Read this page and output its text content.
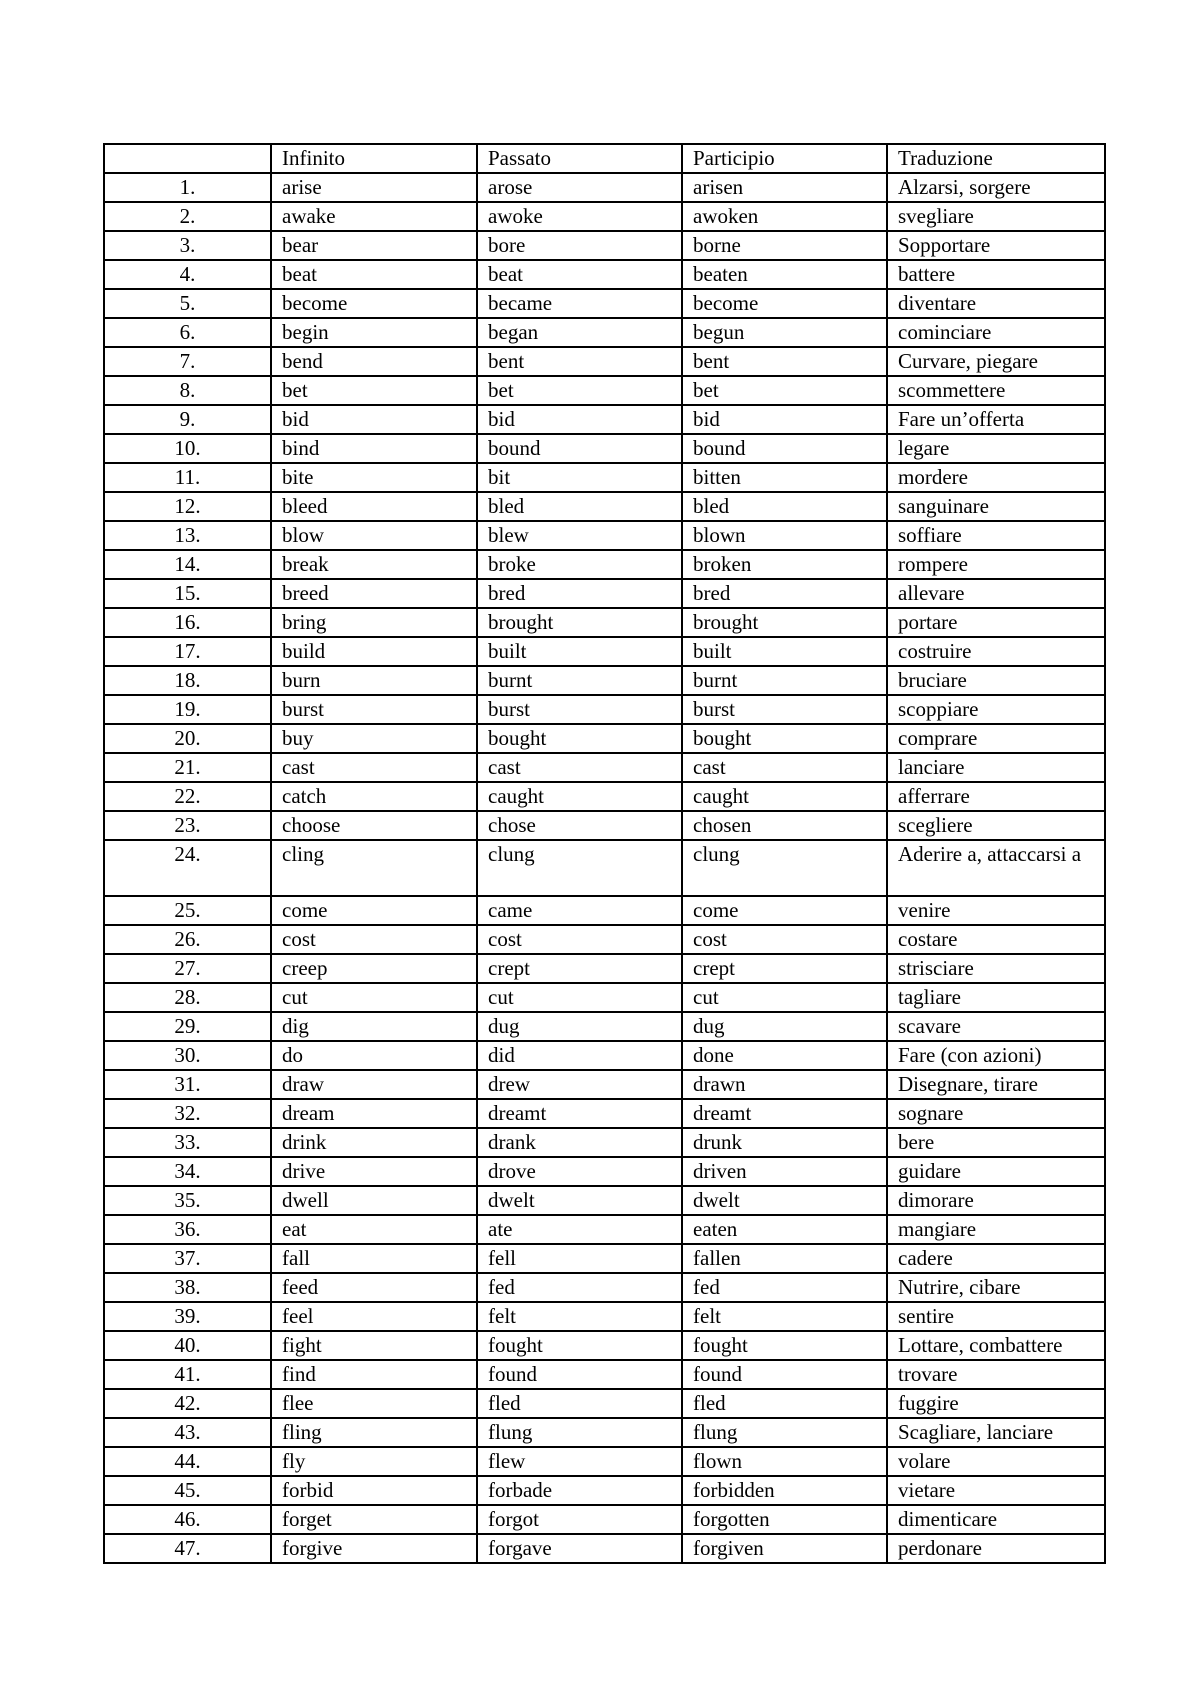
	Infinito	Passato	Participio	Traduzione
1.	arise	arose	arisen	Alzarsi, sorgere
2.	awake	awoke	awoken	svegliare
3.	bear	bore	borne	Sopportare
4.	beat	beat	beaten	battere
5.	become	became	become	diventare
6.	begin	began	begun	cominciare
7.	bend	bent	bent	Curvare, piegare
8.	bet	bet	bet	scommettere
9.	bid	bid	bid	Fare un’offerta
10.	bind	bound	bound	legare
11.	bite	bit	bitten	mordere
12.	bleed	bled	bled	sanguinare
13.	blow	blew	blown	soffiare
14.	break	broke	broken	rompere
15.	breed	bred	bred	allevare
16.	bring	brought	brought	portare
17.	build	built	built	costruire
18.	burn	burnt	burnt	bruciare
19.	burst	burst	burst	scoppiare
20.	buy	bought	bought	comprare
21.	cast	cast	cast	lanciare
22.	catch	caught	caught	afferrare
23.	choose	chose	chosen	scegliere
24.	cling	clung	clung	Aderire a, attaccarsi a
25.	come	came	come	venire
26.	cost	cost	cost	costare
27.	creep	crept	crept	strisciare
28.	cut	cut	cut	tagliare
29.	dig	dug	dug	scavare
30.	do	did	done	Fare (con azioni)
31.	draw	drew	drawn	Disegnare, tirare
32.	dream	dreamt	dreamt	sognare
33.	drink	drank	drunk	bere
34.	drive	drove	driven	guidare
35.	dwell	dwelt	dwelt	dimorare
36.	eat	ate	eaten	mangiare
37.	fall	fell	fallen	cadere
38.	feed	fed	fed	Nutrire, cibare
39.	feel	felt	felt	sentire
40.	fight	fought	fought	Lottare, combattere
41.	find	found	found	trovare
42.	flee	fled	fled	fuggire
43.	fling	flung	flung	Scagliare, lanciare
44.	fly	flew	flown	volare
45.	forbid	forbade	forbidden	vietare
46.	forget	forgot	forgotten	dimenticare
47.	forgive	forgave	forgiven	perdonare
